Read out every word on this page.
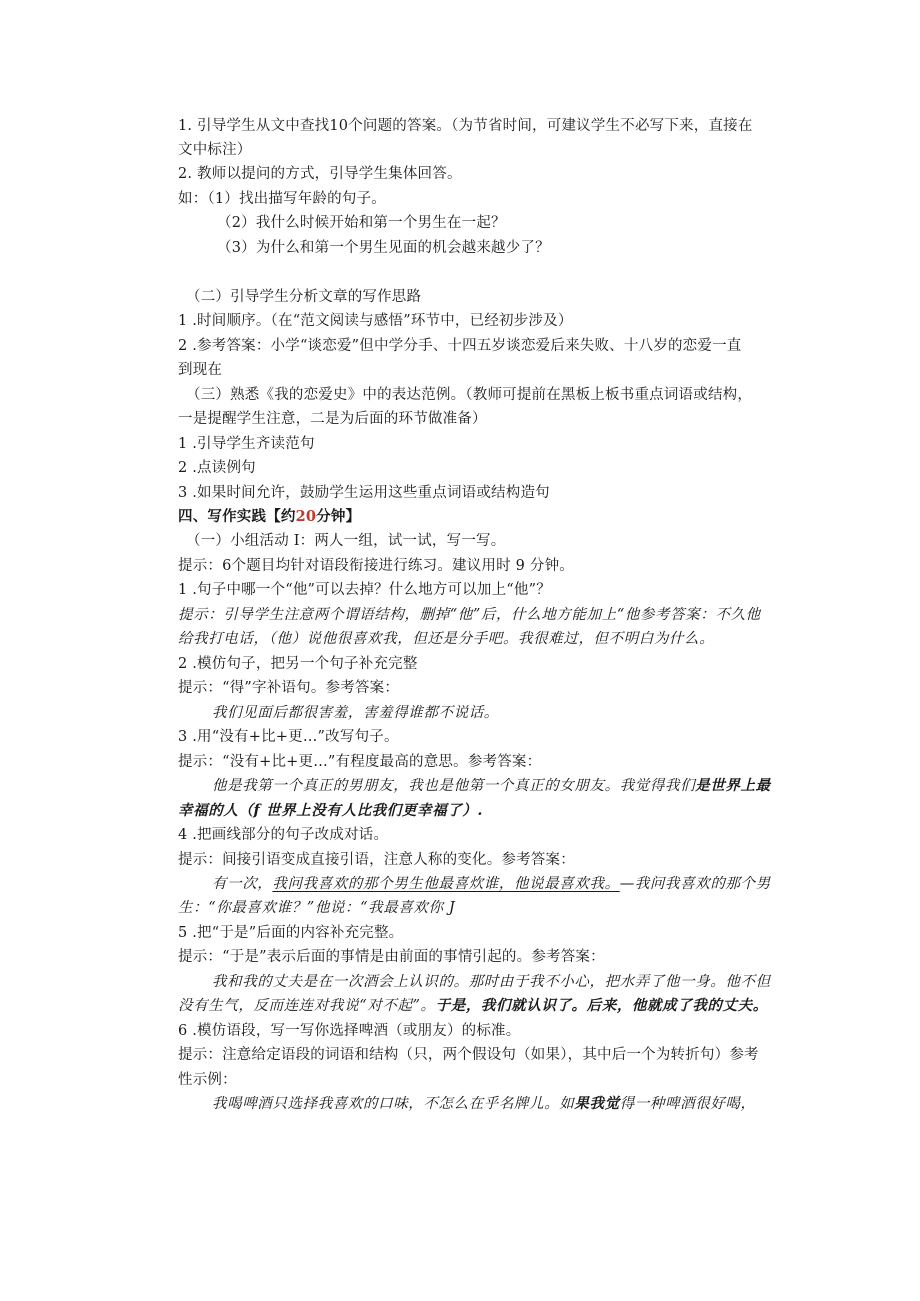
1. 引导学生从文中查找10个问题的答案。（为节省时间，可建议学生不必写下来，直接在
文中标注）
2. 教师以提问的方式，引导学生集体回答。
如：（1）找出描写年龄的句子。
（2）我什么时候开始和第一个男生在一起？
（3）为什么和第一个男生见面的机会越来越少了？
（二）引导学生分析文章的写作思路
1 .时间顺序。（在“范文阅读与感悟”环节中，已经初步涉及）
2 .参考答案：小学“谈恋爱”但中学分手、十四五岁谈恋爱后来失败、十八岁的恋爱一直
到现在
（三）熟悉《我的恋爱史》中的表达范例。（教师可提前在黑板上板书重点词语或结构，
一是提醒学生注意，二是为后面的环节做准备）
1 .引导学生齐读范句
2 .点读例句
3 .如果时间允许，鼓励学生运用这些重点词语或结构造句
四、写作实践【约20分钟】
（一）小组活动 I：两人一组，试一试，写一写。
提示：6个题目均针对语段衔接进行练习。建议用时 9 分钟。
1 .句子中哪一个“他”可以去掉？什么地方可以加上“他”？
提示：引导学生注意两个谓语结构，删掉“他”后，什么地方能加上“他参考答案：不久他
给我打电话，（他）说他很喜欢我，但还是分手吧。我很难过，但不明白为什么。
2 .模仿句子，把另一个句子补充完整
提示：“得”字补语句。参考答案：
我们见面后都很害羞，害羞得谁都不说话。
3 .用“没有+比+更…”改写句子。
提示：“没有+比+更…”有程度最高的意思。参考答案：
他是我第一个真正的男朋友，我也是他第一个真正的女朋友。我觉得我们是世界上最
幸福的人（f 世界上没有人比我们更幸福了）.
4 .把画线部分的句子改成对话。
提示：间接引语变成直接引语，注意人称的变化。参考答案：
有一次，我问我喜欢的那个男生他最喜炊谁，他说最喜欢我。—我问我喜欢的那个男
生：“你最喜欢谁？”他说：“我最喜欢你 J
5 .把“于是”后面的内容补充完整。
提示：“于是”表示后面的事情是由前面的事情引起的。参考答案：
我和我的丈夫是在一次酒会上认识的。那时由于我不小心，把水弄了他一身。他不但
没有生气，反而连连对我说“对不起”。于是，我们就认识了。后来，他就成了我的丈夫。
6 .模仿语段，写一写你选择啤酒（或朋友）的标准。
提示：注意给定语段的词语和结构（只，两个假设句（如果），其中后一个为转折句）参考
性示例：
我喝啤酒只选择我喜欢的口味，不怎么在乎名牌儿。如果我觉得一种啤酒很好喝，
